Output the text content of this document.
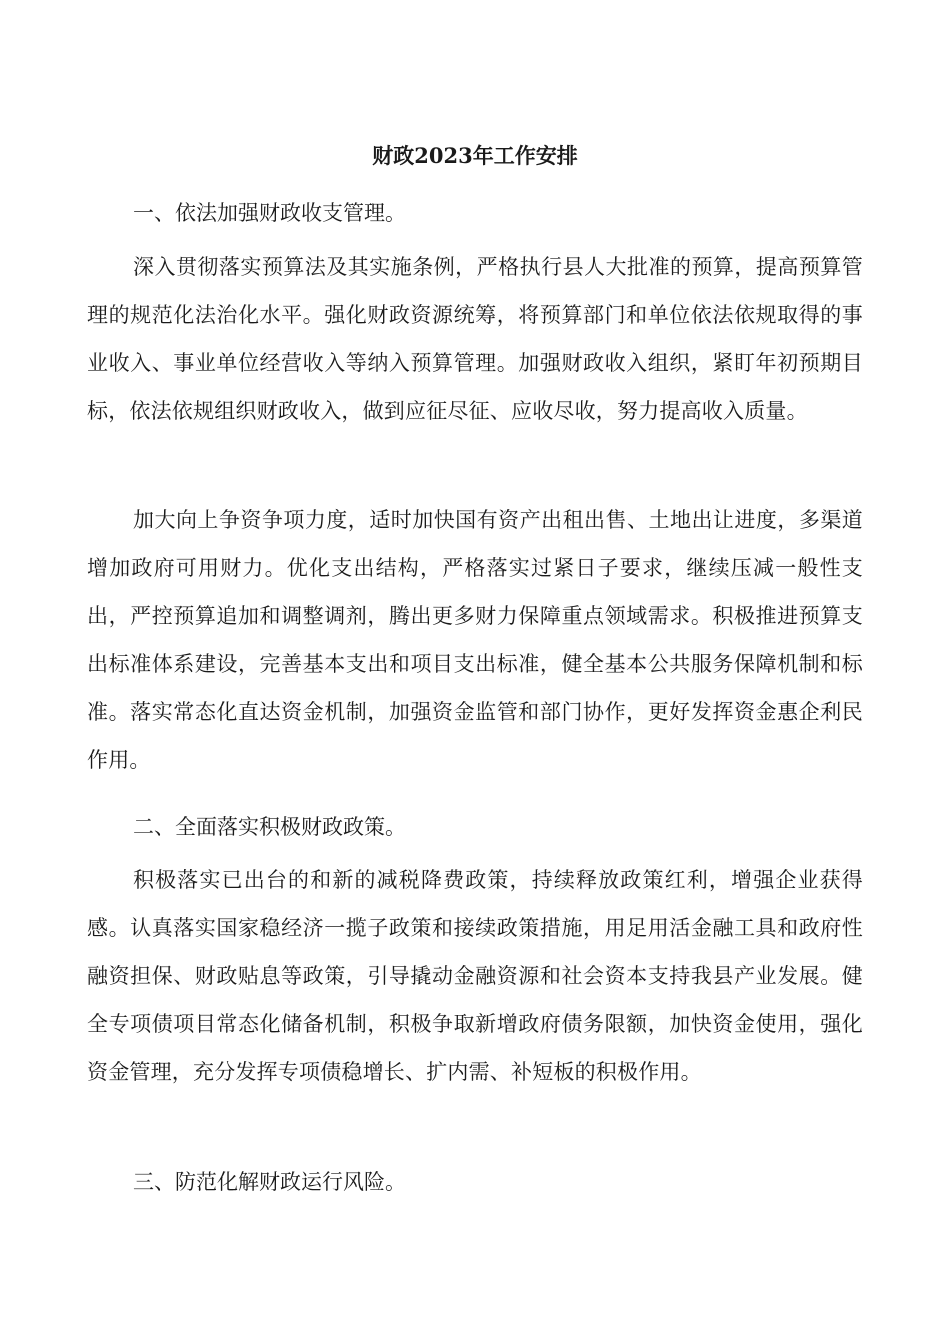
财政2023年工作安排

一、依法加强财政收支管理。

深入贯彻落实预算法及其实施条例，严格执行县人大批准的预算，提高预算管理的规范化法治化水平。强化财政资源统筹，将预算部门和单位依法依规取得的事业收入、事业单位经营收入等纳入预算管理。加强财政收入组织，紧盯年初预期目标，依法依规组织财政收入，做到应征尽征、应收尽收，努力提高收入质量。

加大向上争资争项力度，适时加快国有资产出租出售、土地出让进度，多渠道增加政府可用财力。优化支出结构，严格落实过紧日子要求，继续压减一般性支出，严控预算追加和调整调剂，腾出更多财力保障重点领域需求。积极推进预算支出标准体系建设，完善基本支出和项目支出标准，健全基本公共服务保障机制和标准。落实常态化直达资金机制，加强资金监管和部门协作，更好发挥资金惠企利民作用。

二、全面落实积极财政政策。

积极落实已出台的和新的减税降费政策，持续释放政策红利，增强企业获得感。认真落实国家稳经济一揽子政策和接续政策措施，用足用活金融工具和政府性融资担保、财政贴息等政策，引导撬动金融资源和社会资本支持我县产业发展。健全专项债项目常态化储备机制，积极争取新增政府债务限额，加快资金使用，强化资金管理，充分发挥专项债稳增长、扩内需、补短板的积极作用。

三、防范化解财政运行风险。
